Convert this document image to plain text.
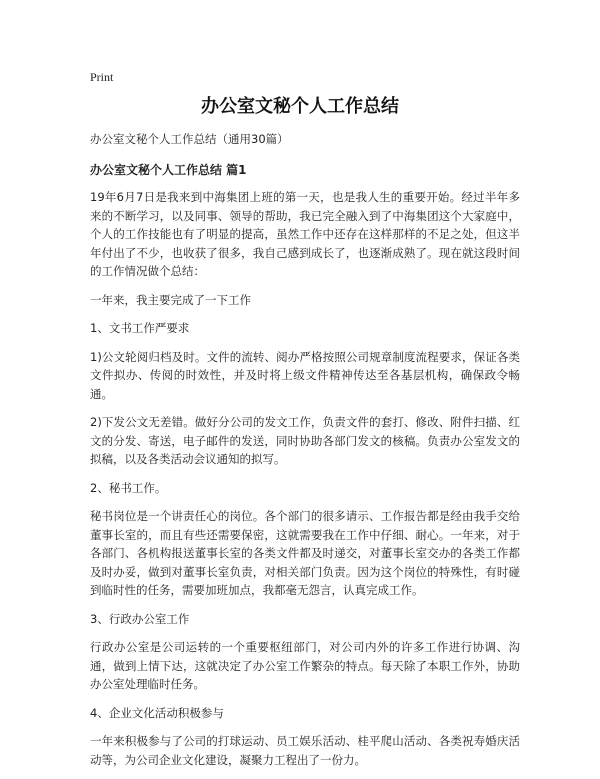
Print
办公室文秘个人工作总结

办公室文秘个人工作总结（通用30篇）

办公室文秘个人工作总结 篇1

19年6月7日是我来到中海集团上班的第一天，也是我人生的重要开始。经过半年多来的不断学习，以及同事、领导的帮助，我已完全融入到了中海集团这个大家庭中，个人的工作技能也有了明显的提高，虽然工作中还存在这样那样的不足之处，但这半年付出了不少，也收获了很多，我自己感到成长了，也逐渐成熟了。现在就这段时间的工作情况做个总结：

一年来，我主要完成了一下工作

1、文书工作严要求

1)公文轮阅归档及时。文件的流转、阅办严格按照公司规章制度流程要求，保证各类文件拟办、传阅的时效性，并及时将上级文件精神传达至各基层机构，确保政令畅通。

2)下发公文无差错。做好分公司的发文工作，负责文件的套打、修改、附件扫描、红文的分发、寄送，电子邮件的发送，同时协助各部门发文的核稿。负责办公室发文的拟稿，以及各类活动会议通知的拟写。

2、秘书工作。

秘书岗位是一个讲责任心的岗位。各个部门的很多请示、工作报告都是经由我手交给董事长室的，而且有些还需要保密，这就需要我在工作中仔细、耐心。一年来，对于各部门、各机构报送董事长室的各类文件都及时递交，对董事长室交办的各类工作都及时办妥，做到对董事长室负责，对相关部门负责。因为这个岗位的特殊性，有时碰到临时性的任务，需要加班加点，我都毫无怨言，认真完成工作。

3、行政办公室工作

行政办公室是公司运转的一个重要枢纽部门，对公司内外的许多工作进行协调、沟通，做到上情下达，这就决定了办公室工作繁杂的特点。每天除了本职工作外，协助办公室处理临时任务。

4、企业文化活动积极参与

一年来积极参与了公司的打球运动、员工娱乐活动、桂平爬山活动、各类祝寿婚庆活动等，为公司企业文化建设，凝聚力工程出了一份力。
